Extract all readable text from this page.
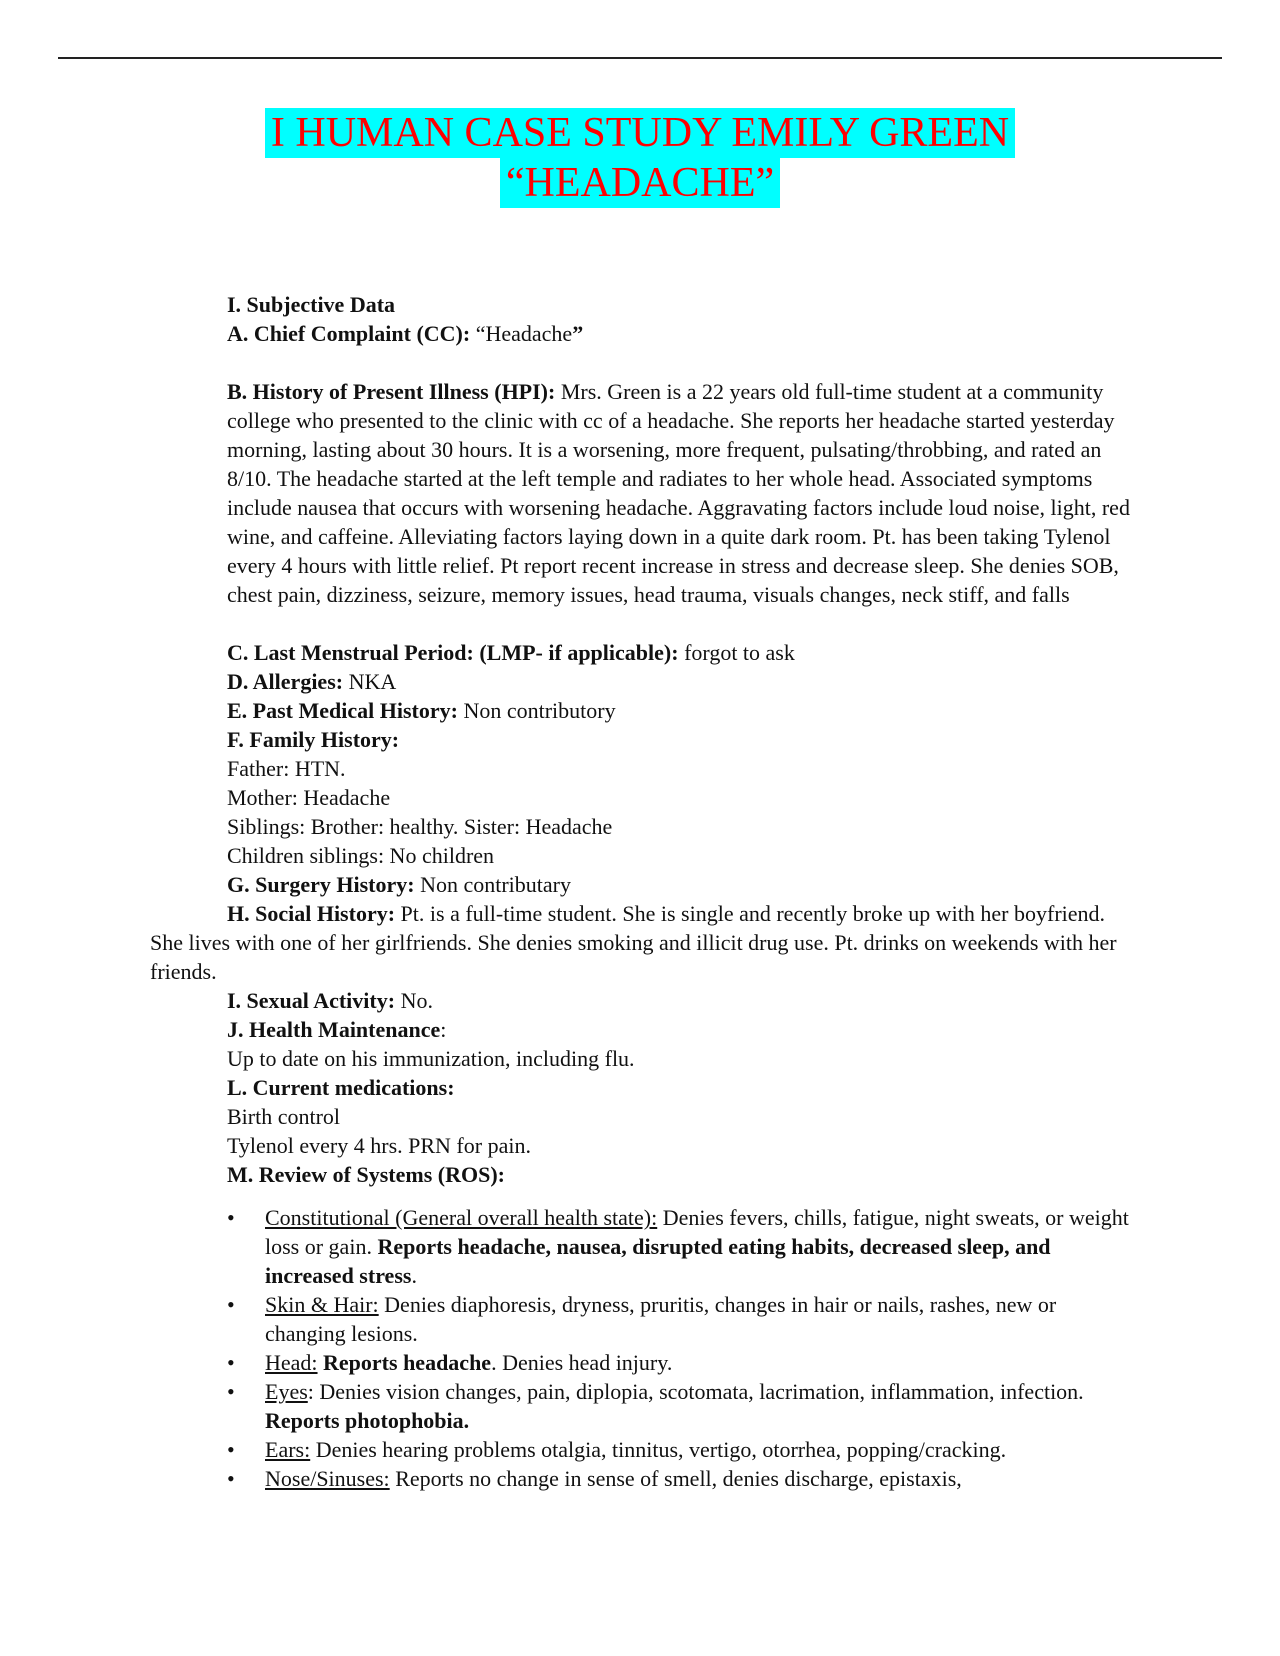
I HUMAN CASE STUDY EMILY GREEN
“HEADACHE”

I. Subjective Data

A. Chief Complaint (CC): “Headache”

B. History of Present Illness (HPI): Mrs. Green is a 22 years old full-time student at a community college who presented to the clinic with cc of a headache. She reports her headache started yesterday morning, lasting about 30 hours. It is a worsening, more frequent, pulsating/throbbing, and rated an 8/10. The headache started at the left temple and radiates to her whole head. Associated symptoms include nausea that occurs with worsening headache. Aggravating factors include loud noise, light, red wine, and caffeine. Alleviating factors laying down in a quite dark room. Pt. has been taking Tylenol every 4 hours with little relief. Pt report recent increase in stress and decrease sleep. She denies SOB, chest pain, dizziness, seizure, memory issues, head trauma, visuals changes, neck stiff, and falls

C. Last Menstrual Period: (LMP- if applicable): forgot to ask

D. Allergies: NKA

E. Past Medical History: Non contributory

F. Family History:

Father: HTN.

Mother: Headache

Siblings: Brother: healthy. Sister: Headache

Children siblings: No children

G. Surgery History: Non contributary

H. Social History: Pt. is a full-time student. She is single and recently broke up with her boyfriend. She lives with one of her girlfriends. She denies smoking and illicit drug use. Pt. drinks on weekends with her friends.

I. Sexual Activity: No.

J. Health Maintenance:

Up to date on his immunization, including flu.

L. Current medications:

Birth control

Tylenol every 4 hrs. PRN for pain.

M. Review of Systems (ROS):

• Constitutional (General overall health state): Denies fevers, chills, fatigue, night sweats, or weight loss or gain. Reports headache, nausea, disrupted eating habits, decreased sleep, and increased stress.
• Skin & Hair: Denies diaphoresis, dryness, pruritis, changes in hair or nails, rashes, new or changing lesions.
• Head: Reports headache. Denies head injury.
• Eyes: Denies vision changes, pain, diplopia, scotomata, lacrimation, inflammation, infection. Reports photophobia.
• Ears: Denies hearing problems otalgia, tinnitus, vertigo, otorrhea, popping/cracking.
• Nose/Sinuses: Reports no change in sense of smell, denies discharge, epistaxis,
